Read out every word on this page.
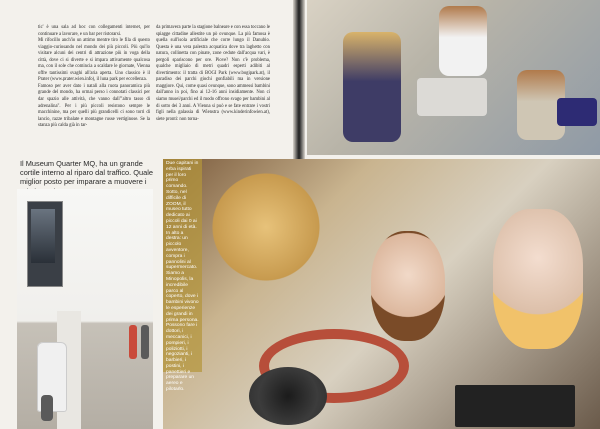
tic' è una sala ad hoc con collegamenti internet, per continuare a lavorare, e un bar per ristorarsi.

Mi rifocillo anch'io un attimo mentre tiro le fila di questo viaggio-curiosando nel mondo dei più piccoli. Più qui'lo visitare alcuni dei centri di attrazione più in voga della città, dove ci si diverte e si impara attivamente qualcosa ma, con il sole che comincia a scaldare le giornate, Vienna offre tantissimi svaghi all'aria aperta. Uno classico è il Prater (www.prater.wien.info), il luna park per eccellenza.

Famoso per aver dato i natali alla ruota panoramica più grande del mondo, ha ormai perso i connotati classici per dar spazio alle attività, che vanno dall'"altro tasso di adrenalina". Per i più piccoli resistono sempre le macchinine, ma per quelli più grandicelli ci sono torri di lancio, razze tribalate e montagne russe vertiginose. Se la stanza più calda già in tar-

da primavera parte la stagione balneare e con essa toccano le spiagge cittadine allestite un pò ovunque. La più famosa è quella sull'isola artificiale che corre lungo il Danubio. Questa è una vera palestra acquatica dove tra laghetto con natura, collinetta con pinate, zone cedute dall'acqua vari, è pergoli spariscono per ore. Piove? Non c'è problema, qualche migliaio di metri quadri esperti adibiti al divertimento: il tratta di BOGI Park (www.bogipark.at), il paradiso dei parchi giochi gonfiabili ma in versione maggiore. Qui, come quasi ovunque, sono ammessi bambini dall'anno in poi, fino ai 12-16 anni insidiamente. Non ci siamo musei/parchi ed il modo offrono svago per bambini al di sotto dei 3 anni. A Vienna si può e se fate entrare i vostri figli nella galassia di Wienstra (www.kinderinfowien.at), siete pronti: non torna-

Il Museum Quarter MQ, ha un grande cortile interno al riparo dal traffico. Quale miglior posto per imparare a muovere i

Due capitani in erba ispirati per il loro primo comando. Sotto, nel difficile di ZOOM, il museo tutto dedicato ai piccoli dai 0 ai 12 anni di età. In alto a destra: un piccolo avventore, compra i pannolini al supermercato. Siamo a Minopolis, la incredibile parco al coperto, dove i bambini vivono le esperienze dei grandi in prima persona. Possono fare i dottori, i meccanici, i pompieri, i poliziotti, i negozianti, i barbieri, i postini, i panettieri e preparare un aereo e pilotarlo.
